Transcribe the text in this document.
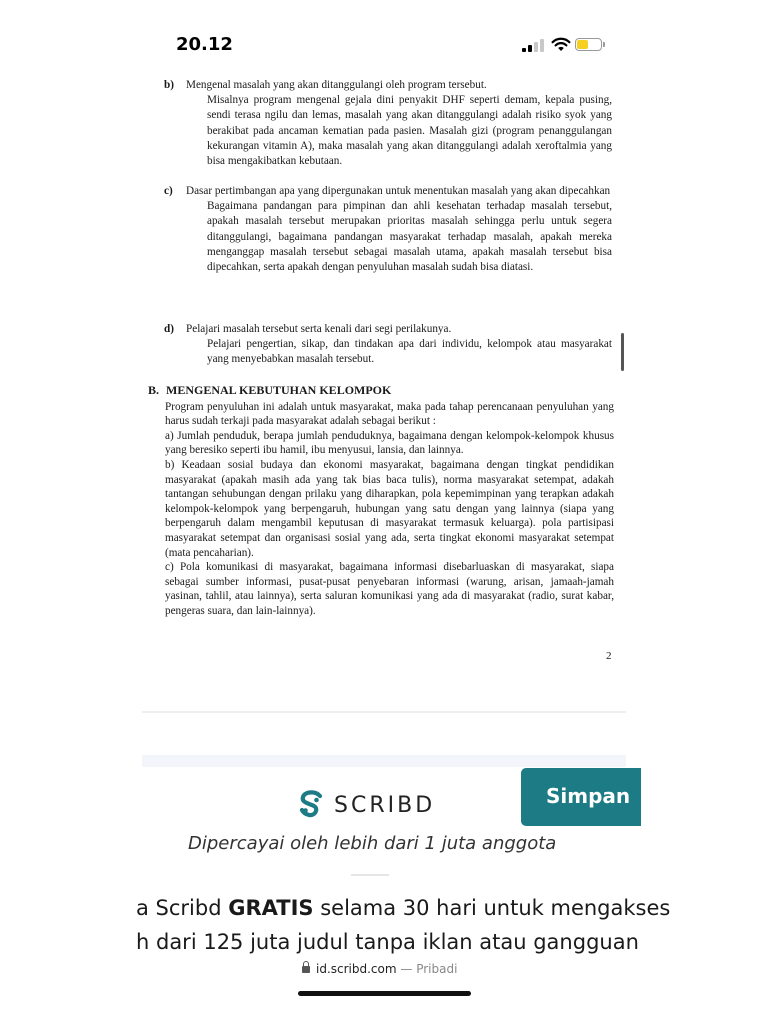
20.12
b) Mengenal masalah yang akan ditanggulangi oleh program tersebut.
Misalnya program mengenal gejala dini penyakit DHF seperti demam, kepala pusing, sendi terasa ngilu dan lemas, masalah yang akan ditanggulangi adalah risiko syok yang berakibat pada ancaman kematian pada pasien. Masalah gizi (program penanggulangan kekurangan vitamin A), maka masalah yang akan ditanggulangi adalah xeroftalmia yang bisa mengakibatkan kebutaan.
c) Dasar pertimbangan apa yang dipergunakan untuk menentukan masalah yang akan dipecahkan
Bagaimana pandangan para pimpinan dan ahli kesehatan terhadap masalah tersebut, apakah masalah tersebut merupakan prioritas masalah sehingga perlu untuk segera ditanggulangi, bagaimana pandangan masyarakat terhadap masalah, apakah mereka menganggap masalah tersebut sebagai masalah utama, apakah masalah tersebut bisa dipecahkan, serta apakah dengan penyuluhan masalah sudah bisa diatasi.
d) Pelajari masalah tersebut serta kenali dari segi perilakunya.
Pelajari pengertian, sikap, dan tindakan apa dari individu, kelompok atau masyarakat yang menyebabkan masalah tersebut.
B. MENGENAL KEBUTUHAN KELOMPOK
Program penyuluhan ini adalah untuk masyarakat, maka pada tahap perencanaan penyuluhan yang harus sudah terkaji pada masyarakat adalah sebagai berikut :
a) Jumlah penduduk, berapa jumlah penduduknya, bagaimana dengan kelompok-kelompok khusus yang beresiko seperti ibu hamil, ibu menyusui, lansia, dan lainnya.
b) Keadaan sosial budaya dan ekonomi masyarakat, bagaimana dengan tingkat pendidikan masyarakat (apakah masih ada yang tak bias baca tulis), norma masyarakat setempat, adakah tantangan sehubungan dengan prilaku yang diharapkan, pola kepemimpinan yang terapkan adakah kelompok-kelompok yang berpengaruh, hubungan yang satu dengan yang lainnya (siapa yang berpengaruh dalam mengambil keputusan di masyarakat termasuk keluarga). pola partisipasi masyarakat setempat dan organisasi sosial yang ada, serta tingkat ekonomi masyarakat setempat (mata pencaharian).
c) Pola komunikasi di masyarakat, bagaimana informasi disebarluaskan di masyarakat, siapa sebagai sumber informasi, pusat-pusat penyebaran informasi (warung, arisan, jamaah-jamah yasinan, tahlil, atau lainnya), serta saluran komunikasi yang ada di masyarakat (radio, surat kabar, pengeras suara, dan lain-lainnya).
2
Simpan
SCRIBD
Dipercayai oleh lebih dari 1 juta anggota
a Scribd GRATIS selama 30 hari untuk mengakses
h dari 125 juta judul tanpa iklan atau gangguan
id.scribd.com — Pribadi
